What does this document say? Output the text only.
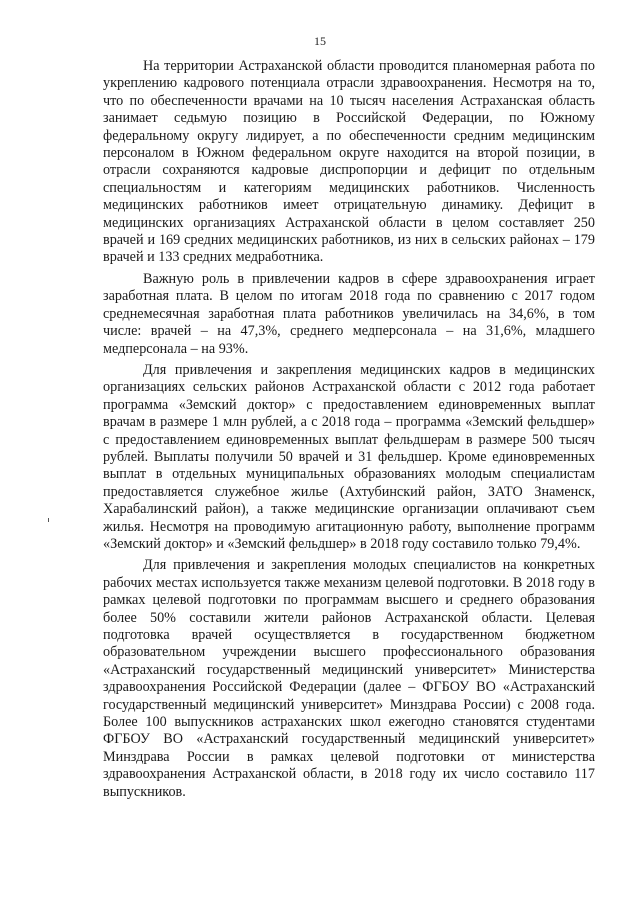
15

На территории Астраханской области проводится планомерная работа по укреплению кадрового потенциала отрасли здравоохранения. Несмотря на то, что по обеспеченности врачами на 10 тысяч населения Астраханская область занимает седьмую позицию в Российской Федерации, по Южному федеральному округу лидирует, а по обеспеченности средним медицинским персоналом в Южном федеральном округе находится на второй позиции, в отрасли сохраняются кадровые диспропорции и дефицит по отдельным специальностям и категориям медицинских работников. Численность медицинских работников имеет отрицательную динамику. Дефицит в медицинских организациях Астраханской области в целом составляет 250 врачей и 169 средних медицинских работников, из них в сельских районах – 179 врачей и 133 средних медработника.

Важную роль в привлечении кадров в сфере здравоохранения играет заработная плата. В целом по итогам 2018 года по сравнению с 2017 годом среднемесячная заработная плата работников увеличилась на 34,6%, в том числе: врачей – на 47,3%, среднего медперсонала – на 31,6%, младшего медперсонала – на 93%.

Для привлечения и закрепления медицинских кадров в медицинских организациях сельских районов Астраханской области с 2012 года работает программа «Земский доктор» с предоставлением единовременных выплат врачам в размере 1 млн рублей, а с 2018 года – программа «Земский фельдшер» с предоставлением единовременных выплат фельдшерам в размере 500 тысяч рублей. Выплаты получили 50 врачей и 31 фельдшер. Кроме единовременных выплат в отдельных муниципальных образованиях молодым специалистам предоставляется служебное жилье (Ахтубинский район, ЗАТО Знаменск, Харабалинский район), а также медицинские организации оплачивают съем жилья. Несмотря на проводимую агитационную работу, выполнение программ «Земский доктор» и «Земский фельдшер» в 2018 году составило только 79,4%.

Для привлечения и закрепления молодых специалистов на конкретных рабочих местах используется также механизм целевой подготовки. В 2018 году в рамках целевой подготовки по программам высшего и среднего образования более 50% составили жители районов Астраханской области. Целевая подготовка врачей осуществляется в государственном бюджетном образовательном учреждении высшего профессионального образования «Астраханский государственный медицинский университет» Министерства здравоохранения Российской Федерации (далее – ФГБОУ ВО «Астраханский государственный медицинский университет» Минздрава России) с 2008 года. Более 100 выпускников астраханских школ ежегодно становятся студентами ФГБОУ ВО «Астраханский государственный медицинский университет» Минздрава России в рамках целевой подготовки от министерства здравоохранения Астраханской области, в 2018 году их число составило 117 выпускников.
